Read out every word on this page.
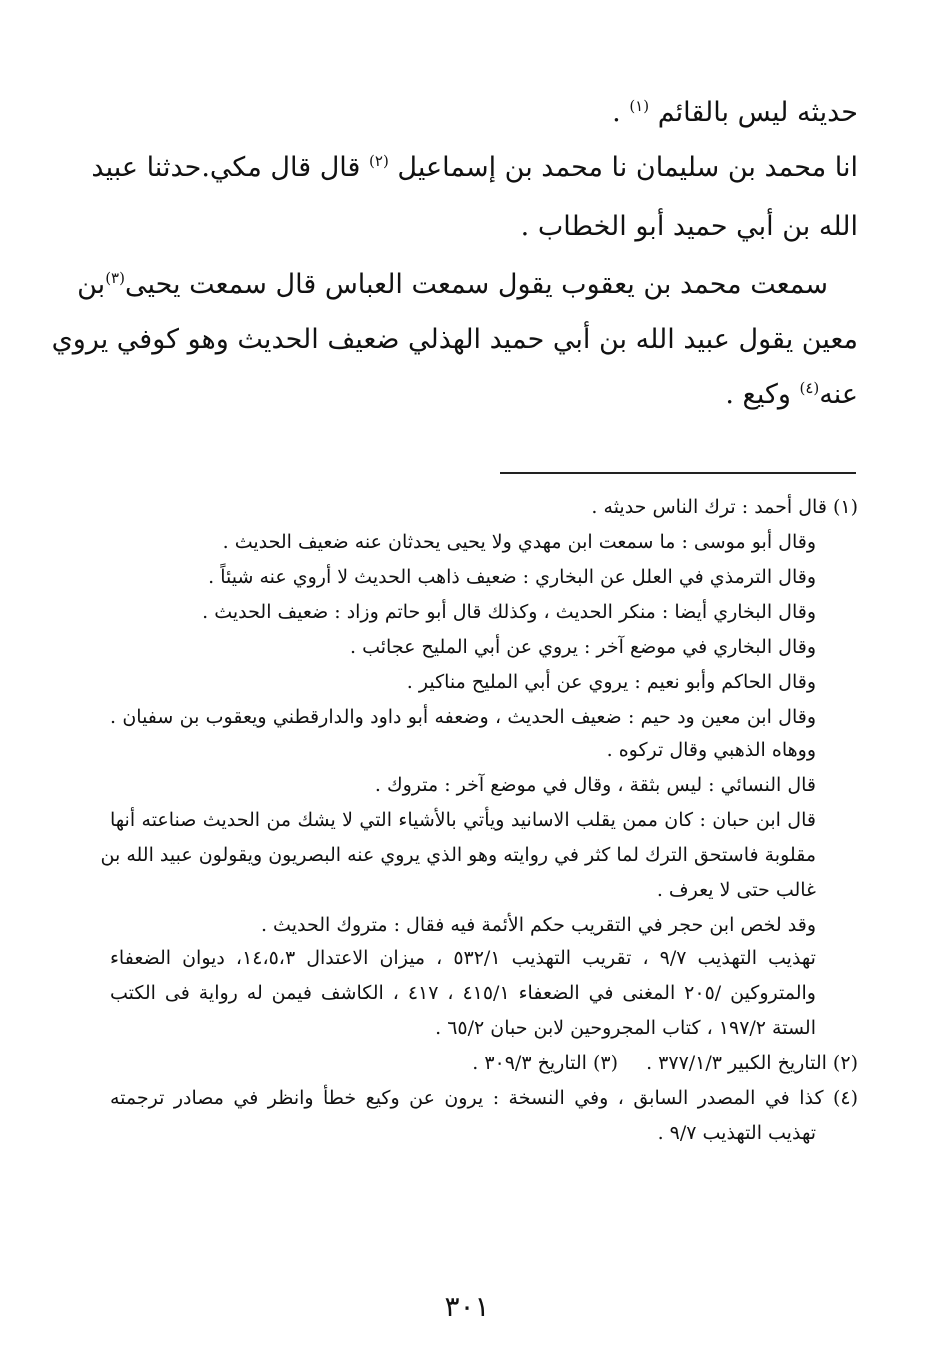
حديثه ليس بالقائم $^{(١)}$ .

انا محمد بن سليمان نا محمد بن إسماعيل $^{(٢)}$ قال قال مكي.حدثنا عبيد

الله بن أبي حميد أبو الخطاب .

سمعت محمد بن يعقوب يقول سمعت العباس قال سمعت يحيى$^{(٣)}$بن

معين يقول عبيد الله بن أبي حميد الهذلي ضعيف الحديث وهو كوفي يروي

عنه$^{(٤)}$ وكيع .

(١) قال أحمد : ترك الناس حديثه .

وقال أبو موسى : ما سمعت ابن مهدي ولا يحيى يحدثان عنه ضعيف الحديث .

وقال الترمذي في العلل عن البخاري : ضعيف ذاهب الحديث لا أروي عنه شيئاً .

وقال البخاري أيضا : منكر الحديث ، وكذلك قال أبو حاتم وزاد : ضعيف الحديث .

وقال البخاري في موضع آخر : يروي عن أبي المليح عجائب .

وقال الحاكم وأبو نعيم : يروي عن أبي المليح مناكير .

وقال ابن معين ود حيم : ضعيف الحديث ، وضعفه أبو داود والدارقطني ويعقوب بن سفيان .

ووهاه الذهبي وقال تركوه .

قال النسائي : ليس بثقة ، وقال في موضع آخر : متروك .

قال ابن حبان : كان ممن يقلب الاسانيد ويأتي بالأشياء التي لا يشك من الحديث صناعته أنها

مقلوبة فاستحق الترك لما كثر في روايته وهو الذي يروي عنه البصريون ويقولون عبيد الله بن

غالب حتى لا يعرف .

وقد لخص ابن حجر في التقريب حكم الأئمة فيه فقال : متروك الحديث .

تهذيب التهذيب ٩/٧ ، تقريب التهذيب ٥٣٢/١ ، ميزان الاعتدال ١٤،٥،٣، ديوان الضعفاء

والمتروكين /٢٠٥ المغنى في الضعفاء ٤١٥/١ ، ٤١٧ ، الكاشف فيمن له رواية فى الكتب

الستة ١٩٧/٢ ، كتاب المجروحين لابن حبان ٦٥/٢ .

(٢) التاريخ الكبير ٣٧٧/١/٣ .
(٣) التاريخ ٣٠٩/٣ .

(٤) كذا في المصدر السابق ، وفي النسخة : يرون عن وكيع خطأ وانظر في مصادر ترجمته

تهذيب التهذيب ٩/٧ .

٣٠١
